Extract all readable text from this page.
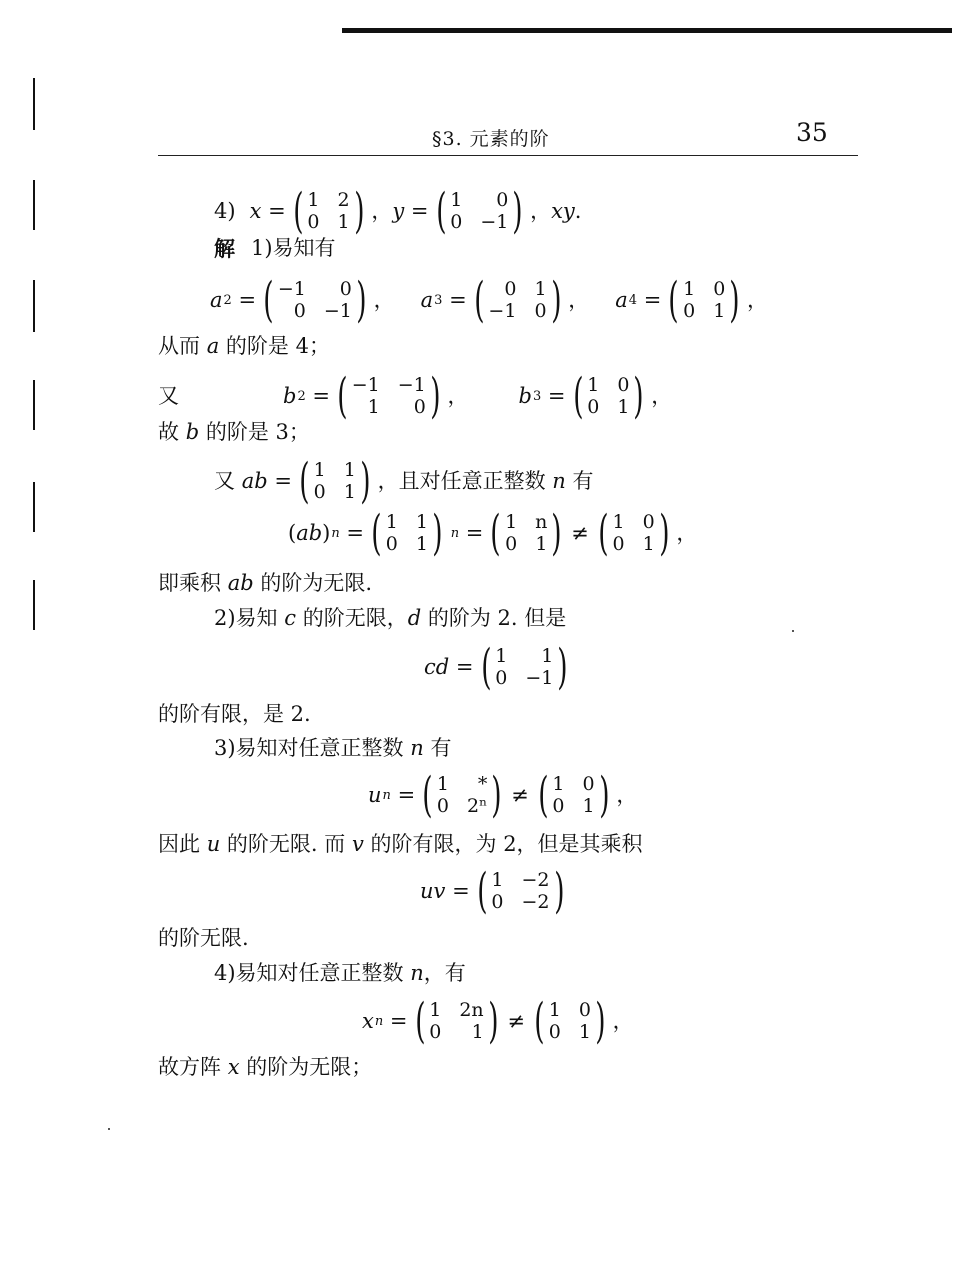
§3. 元素的阶	35
4) x = ( 1 2
0 1 ) ， y = ( 1	0
0 −1 ) ， xy .
解 1)易知有
a 2 = ( −1	0
0 −1 ) ， a 3 = (	0 1
−1 0 ) ， a 4 = ( 1 0
0 1 ) ，
从而
a
的阶是 4；
又	b 2 = ( −1 −1
1	0 ) ， b 3 = ( 1 0
0 1 ) ，
故
b
的阶是 3；
又
ab = ( 1 1
0 1 ) ，且对任意正整数
n
有
( ab ) n = ( 1 1
0 1 ) n = ( 1 n
0 1 ) ≠ ( 1 0
0 1 ) ，
即乘积
ab
的阶为无限.
2)易知
c
的阶无限， d
的阶为 2. 但是
cd = ( 1	1
0 −1 )
的阶有限，是 2.
3)易知对任意正整数
n
有
u n = ( 1	*
0 2ⁿ ) ≠ ( 1 0
0 1 ) ，
因此
u
的阶无限. 而
v
的阶有限，为 2，但是其乘积
uv = ( 1 −2
0 −2 )
的阶无限.
4)易知对任意正整数
n ，有
x n = ( 1 2n
0	1 ) ≠ ( 1 0
0 1 ) ，
故方阵
x
的阶为无限；
